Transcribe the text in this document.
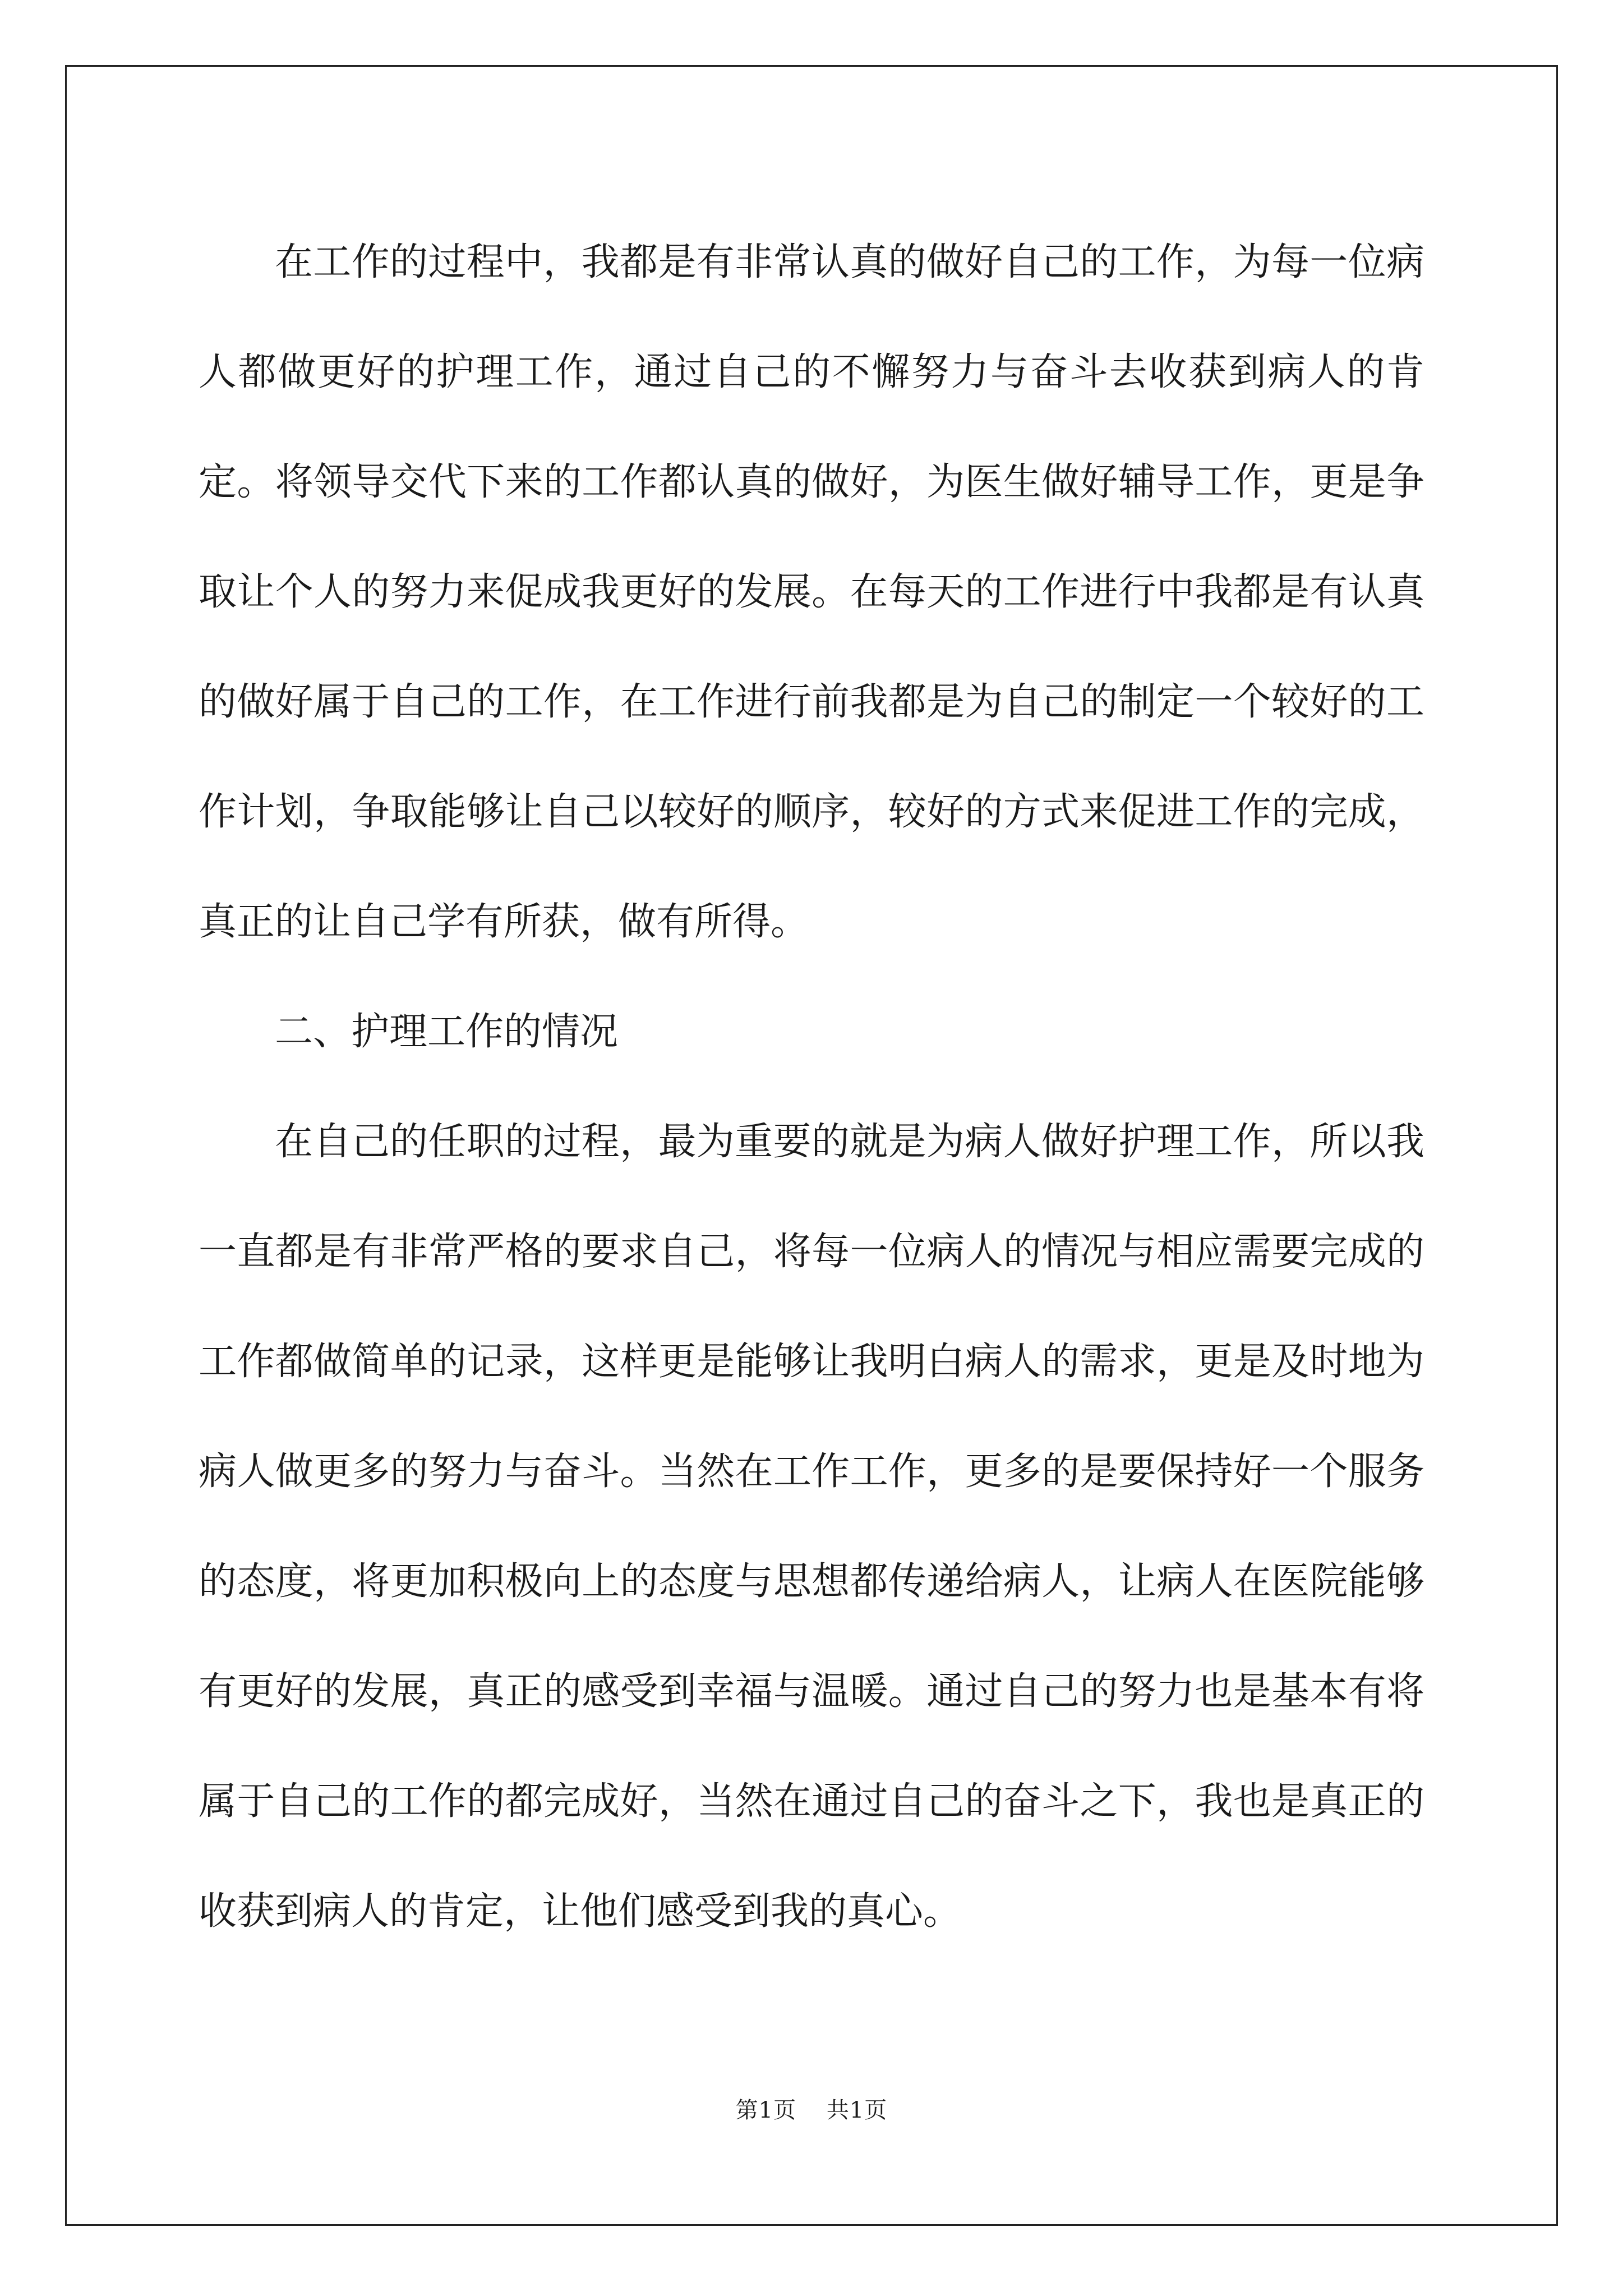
在工作的过程中，我都是有非常认真的做好自己的工作，为每一位病人都做更好的护理工作，通过自己的不懈努力与奋斗去收获到病人的肯定。将领导交代下来的工作都认真的做好，为医生做好辅导工作，更是争取让个人的努力来促成我更好的发展。在每天的工作进行中我都是有认真的做好属于自己的工作，在工作进行前我都是为自己的制定一个较好的工作计划，争取能够让自己以较好的顺序，较好的方式来促进工作的完成，真正的让自己学有所获，做有所得。

二、护理工作的情况

在自己的任职的过程，最为重要的就是为病人做好护理工作，所以我一直都是有非常严格的要求自己，将每一位病人的情况与相应需要完成的工作都做简单的记录，这样更是能够让我明白病人的需求，更是及时地为病人做更多的努力与奋斗。当然在工作工作，更多的是要保持好一个服务的态度，将更加积极向上的态度与思想都传递给病人，让病人在医院能够有更好的发展，真正的感受到幸福与温暖。通过自己的努力也是基本有将属于自己的工作的都完成好，当然在通过自己的奋斗之下，我也是真正的收获到病人的肯定，让他们感受到我的真心。

第1页 共1页
